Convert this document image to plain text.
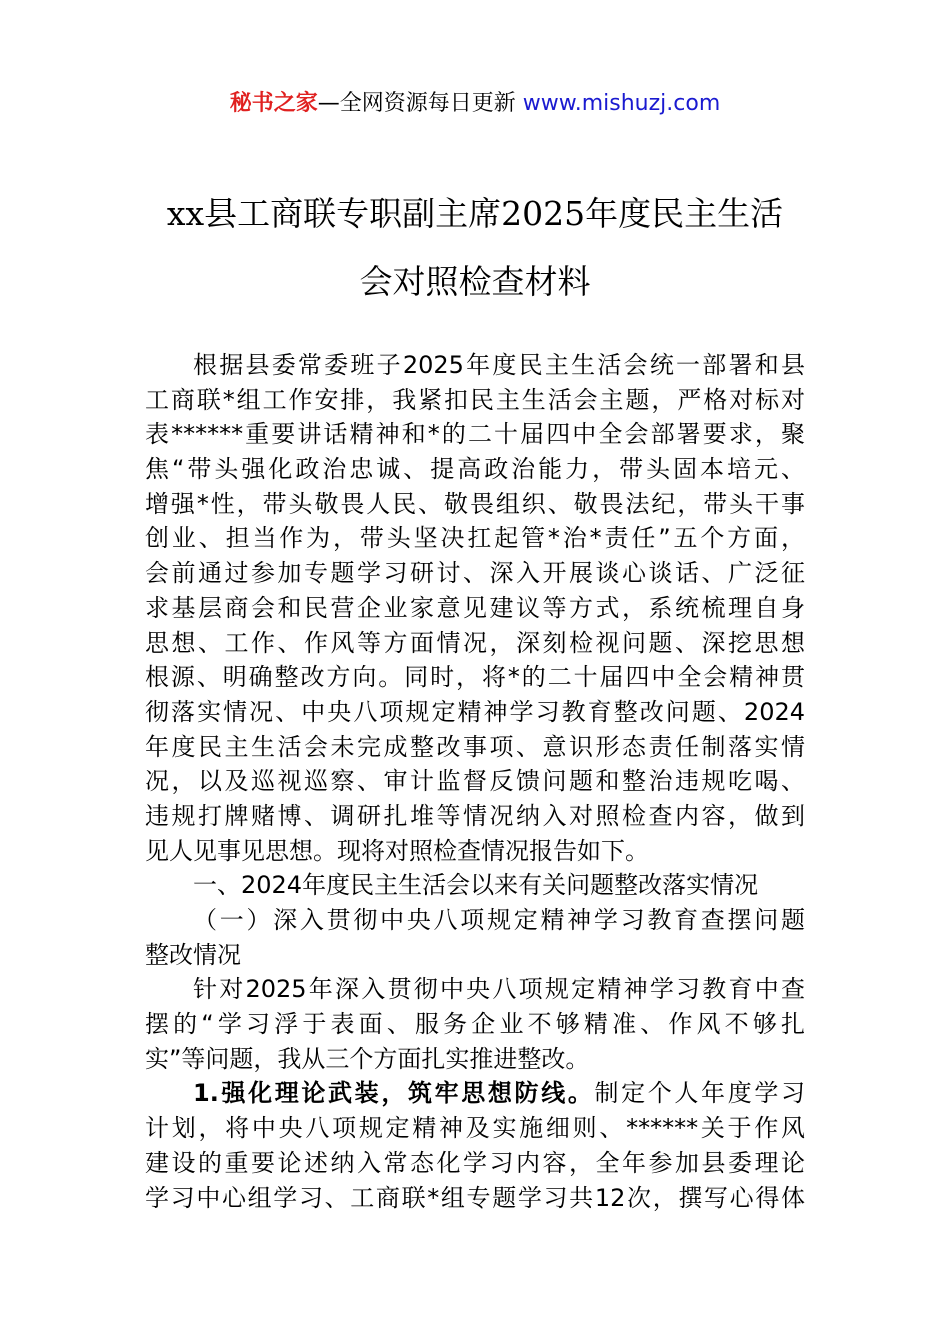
秘书之家—全网资源每日更新 www.mishuzj.com
xx县工商联专职副主席2025年度民主生活
会对照检查材料
根据县委常委班子2025年度民主生活会统一部署和县
工商联*组工作安排，我紧扣民主生活会主题，严格对标对
表******重要讲话精神和*的二十届四中全会部署要求，聚
焦“带头强化政治忠诚、提高政治能力，带头固本培元、
增强*性，带头敬畏人民、敬畏组织、敬畏法纪，带头干事
创业、担当作为，带头坚决扛起管*治*责任”五个方面，
会前通过参加专题学习研讨、深入开展谈心谈话、广泛征
求基层商会和民营企业家意见建议等方式，系统梳理自身
思想、工作、作风等方面情况，深刻检视问题、深挖思想
根源、明确整改方向。同时，将*的二十届四中全会精神贯
彻落实情况、中央八项规定精神学习教育整改问题、2024
年度民主生活会未完成整改事项、意识形态责任制落实情
况，以及巡视巡察、审计监督反馈问题和整治违规吃喝、
违规打牌赌博、调研扎堆等情况纳入对照检查内容，做到
见人见事见思想。现将对照检查情况报告如下。
一、2024年度民主生活会以来有关问题整改落实情况
（一）深入贯彻中央八项规定精神学习教育查摆问题
整改情况
针对2025年深入贯彻中央八项规定精神学习教育中查
摆的“学习浮于表面、服务企业不够精准、作风不够扎
实”等问题，我从三个方面扎实推进整改。
1.强化理论武装，筑牢思想防线。制定个人年度学习
计划，将中央八项规定精神及实施细则、******关于作风
建设的重要论述纳入常态化学习内容，全年参加县委理论
学习中心组学习、工商联*组专题学习共12次，撰写心得体
